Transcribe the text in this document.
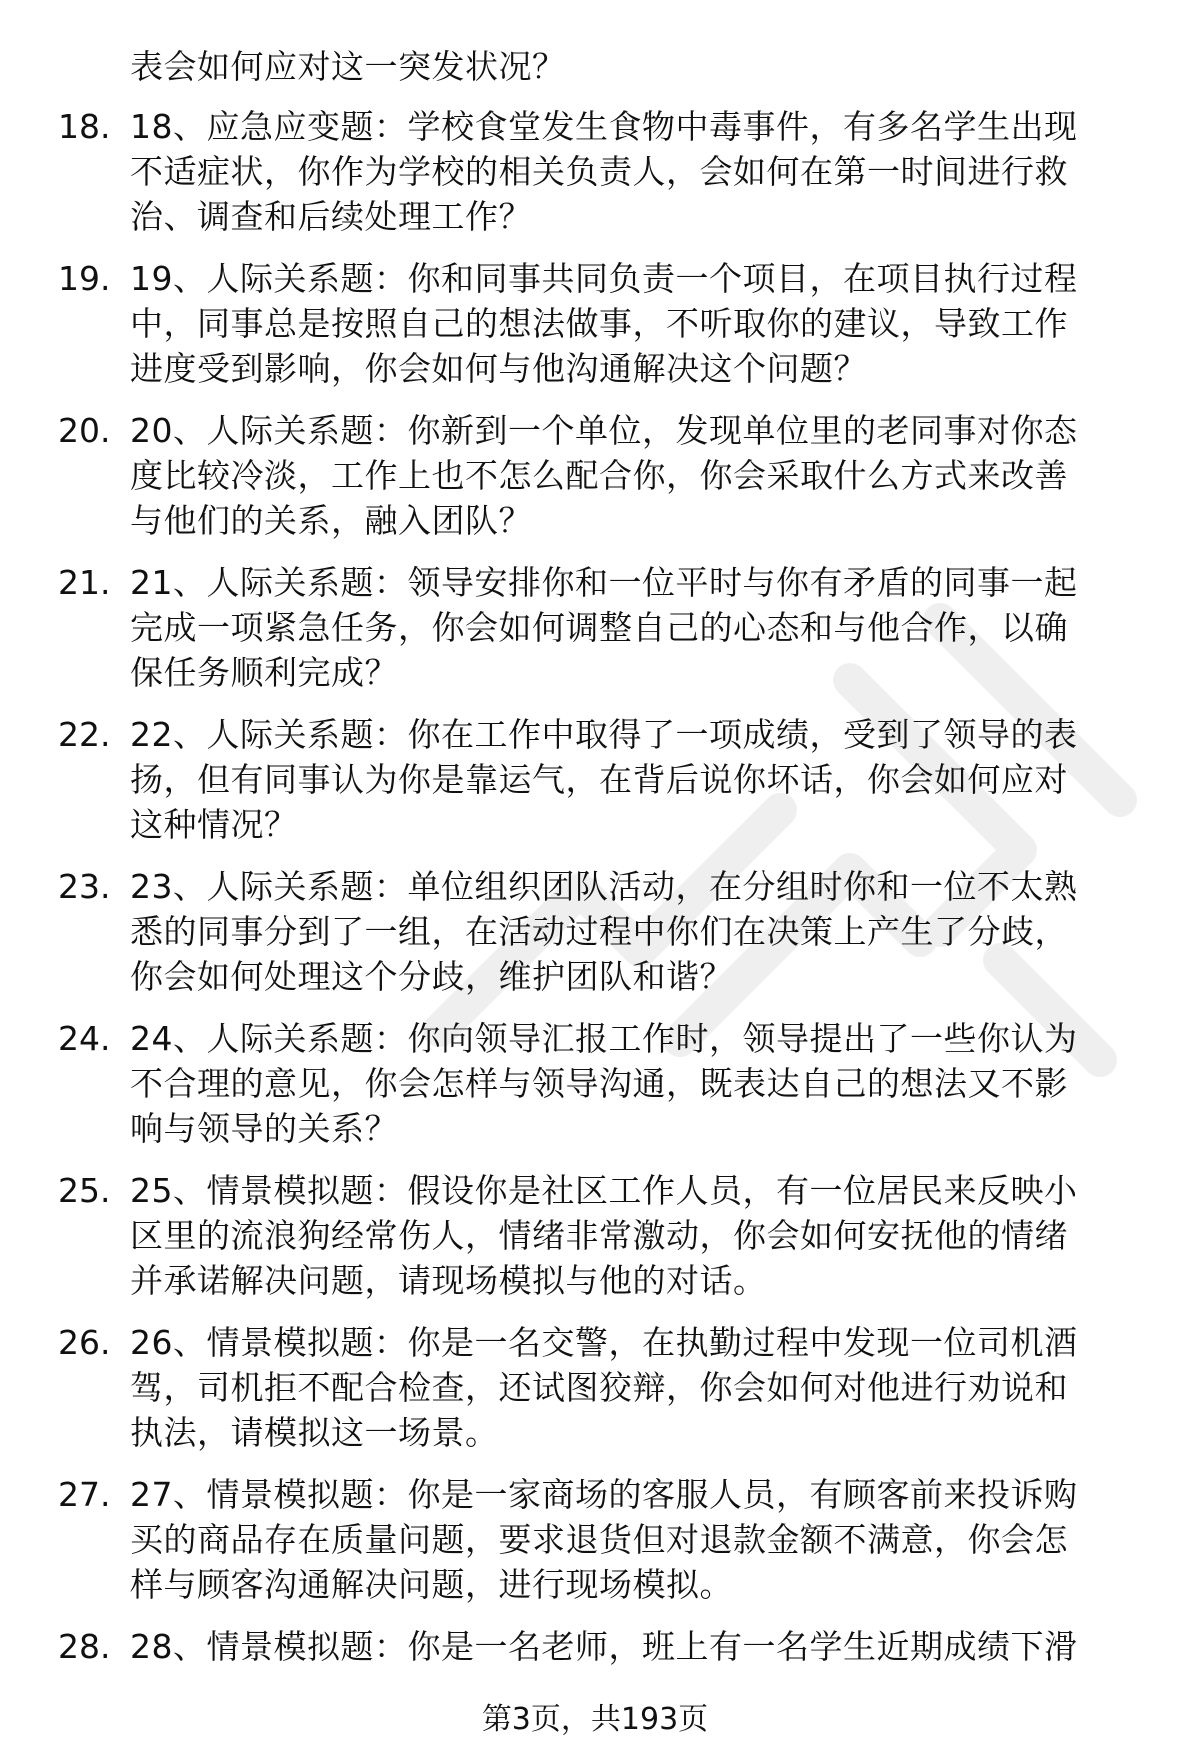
表会如何应对这一突发状况？
18. 18、应急应变题：学校食堂发生食物中毒事件，有多名学生出现
不适症状，你作为学校的相关负责人，会如何在第一时间进行救
治、调查和后续处理工作？
19. 19、人际关系题：你和同事共同负责一个项目，在项目执行过程
中，同事总是按照自己的想法做事，不听取你的建议，导致工作
进度受到影响，你会如何与他沟通解决这个问题？
20. 20、人际关系题：你新到一个单位，发现单位里的老同事对你态
度比较冷淡，工作上也不怎么配合你，你会采取什么方式来改善
与他们的关系，融入团队？
21. 21、人际关系题：领导安排你和一位平时与你有矛盾的同事一起
完成一项紧急任务，你会如何调整自己的心态和与他合作，以确
保任务顺利完成？
22. 22、人际关系题：你在工作中取得了一项成绩，受到了领导的表
扬，但有同事认为你是靠运气，在背后说你坏话，你会如何应对
这种情况？
23. 23、人际关系题：单位组织团队活动，在分组时你和一位不太熟
悉的同事分到了一组，在活动过程中你们在决策上产生了分歧，
你会如何处理这个分歧，维护团队和谐？
24. 24、人际关系题：你向领导汇报工作时，领导提出了一些你认为
不合理的意见，你会怎样与领导沟通，既表达自己的想法又不影
响与领导的关系？
25. 25、情景模拟题：假设你是社区工作人员，有一位居民来反映小
区里的流浪狗经常伤人，情绪非常激动，你会如何安抚他的情绪
并承诺解决问题，请现场模拟与他的对话。
26. 26、情景模拟题：你是一名交警，在执勤过程中发现一位司机酒
驾，司机拒不配合检查，还试图狡辩，你会如何对他进行劝说和
执法，请模拟这一场景。
27. 27、情景模拟题：你是一家商场的客服人员，有顾客前来投诉购
买的商品存在质量问题，要求退货但对退款金额不满意，你会怎
样与顾客沟通解决问题，进行现场模拟。
28. 28、情景模拟题：你是一名老师，班上有一名学生近期成绩下滑
第3页，共193页
